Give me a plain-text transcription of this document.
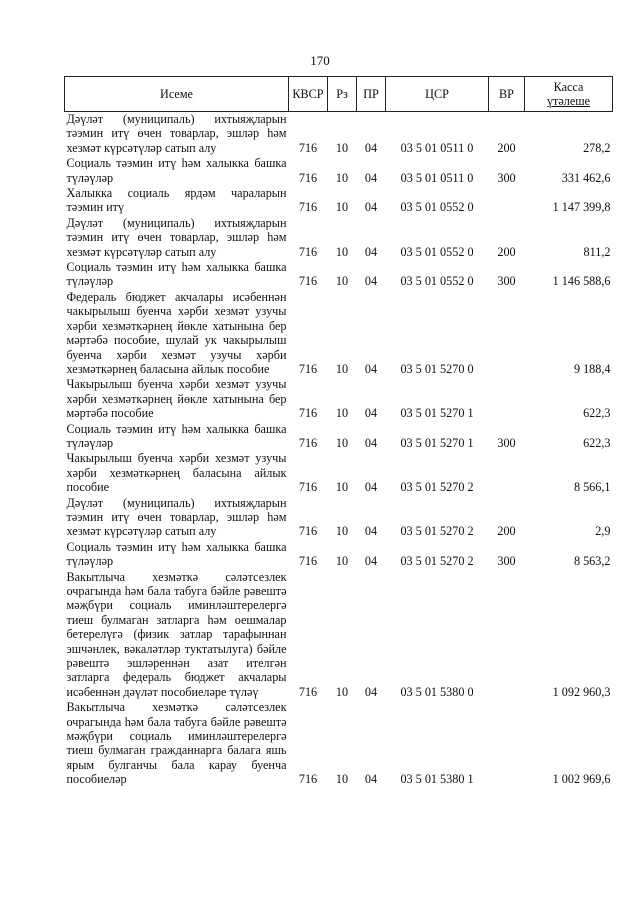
170
Исеме	КВСР	Рз	ПР	ЦСР	ВР	Касса
үтәлеше

Дәүләт (муниципаль) ихтыяҗларын тәэмин итү өчен товарлар, эшләр һәм хезмәт күрсәтүләр сатып алу	716	10	04	03 5 01 0511 0	200	278,2
Социаль тәэмин итү һәм халыкка башка түләүләр	716	10	04	03 5 01 0511 0	300	331 462,6
Халыкка социаль ярдәм чараларын тәэмин итү	716	10	04	03 5 01 0552 0		1 147 399,8
Дәүләт (муниципаль) ихтыяҗларын тәэмин итү өчен товарлар, эшләр һәм хезмәт күрсәтүләр сатып алу	716	10	04	03 5 01 0552 0	200	811,2
Социаль тәэмин итү һәм халыкка башка түләүләр	716	10	04	03 5 01 0552 0	300	1 146 588,6
Федераль бюджет акчалары исәбеннән чакырылыш буенча хәрби хезмәт узучы хәрби хезмәткәрнең йөкле хатынына бер мәртәбә пособие, шулай ук чакырылыш буенча хәрби хезмәт узучы хәрби хезмәткәрнең баласына айлык пособие	716	10	04	03 5 01 5270 0		9 188,4
Чакырылыш буенча хәрби хезмәт узучы хәрби хезмәткәрнең йөкле хатынына бер мәртәбә пособие	716	10	04	03 5 01 5270 1		622,3
Социаль тәэмин итү һәм халыкка башка түләүләр	716	10	04	03 5 01 5270 1	300	622,3
Чакырылыш буенча хәрби хезмәт узучы хәрби хезмәткәрнең баласына айлык пособие	716	10	04	03 5 01 5270 2		8 566,1
Дәүләт (муниципаль) ихтыяҗларын тәэмин итү өчен товарлар, эшләр һәм хезмәт күрсәтүләр сатып алу	716	10	04	03 5 01 5270 2	200	2,9
Социаль тәэмин итү һәм халыкка башка түләүләр	716	10	04	03 5 01 5270 2	300	8 563,2
Вакытлыча хезмәткә сәләтсезлек очрагында һәм бала табуга бәйле рәвештә мәҗбүри социаль иминләштерелергә тиеш булмаган затларга һәм оешмалар бетерелүгә (физик затлар тарафыннан эшчәнлек, вәкаләтләр туктатылуга) бәйле рәвештә эшләреннән азат ителгән затларга федераль бюджет акчалары исәбеннән дәүләт пособиеләре түләү	716	10	04	03 5 01 5380 0		1 092 960,3
Вакытлыча хезмәткә сәләтсезлек очрагында һәм бала табуга бәйле рәвештә мәҗбүри социаль иминләштерелергә тиеш булмаган гражданнарга балага яшь ярым булганчы бала карау буенча пособиеләр	716	10	04	03 5 01 5380 1		1 002 969,6
